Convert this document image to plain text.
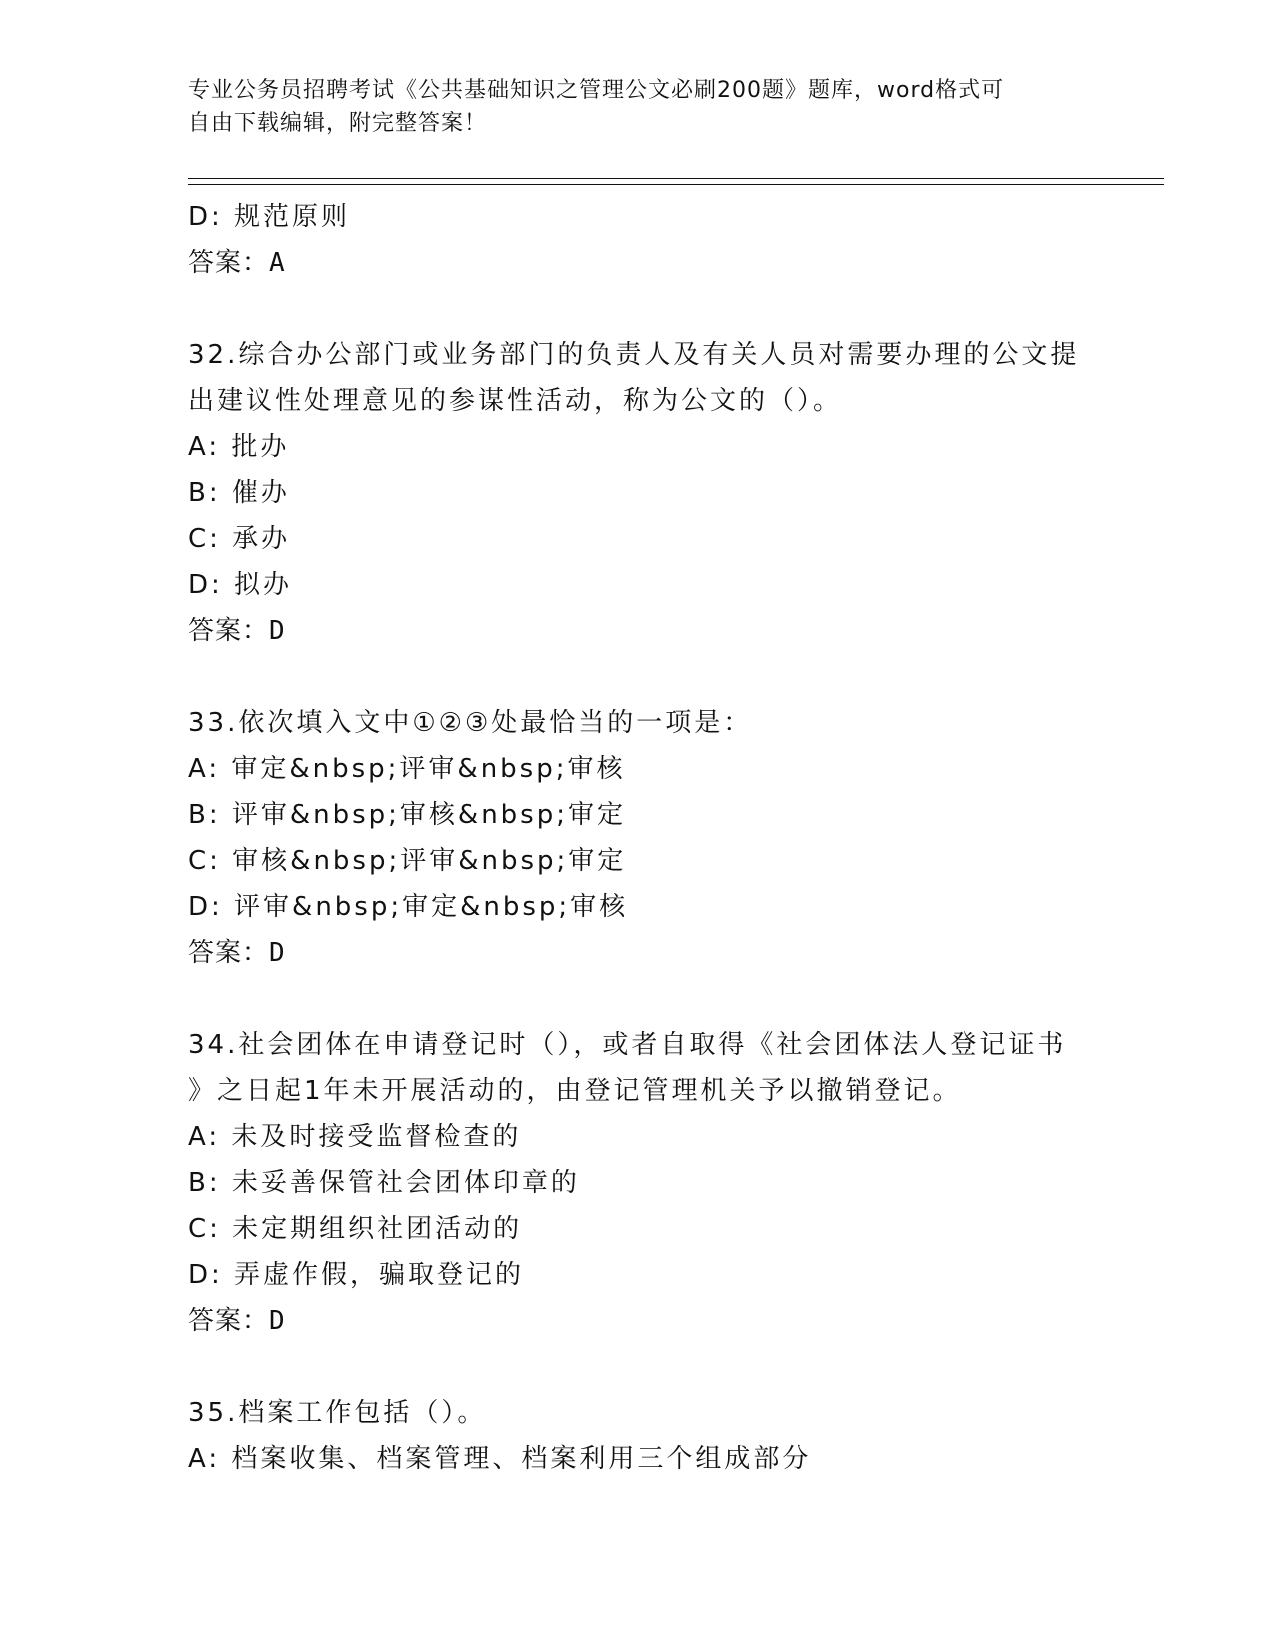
专业公务员招聘考试《公共基础知识之管理公文必刷200题》题库，word格式可
自由下载编辑，附完整答案！
D: 规范原则
答案：A
32.综合办公部门或业务部门的负责人及有关人员对需要办理的公文提
出建议性处理意见的参谋性活动，称为公文的（）。
A: 批办
B: 催办
C: 承办
D: 拟办
答案：D
33.依次填入文中①②③处最恰当的一项是：
A: 审定&nbsp;评审&nbsp;审核
B: 评审&nbsp;审核&nbsp;审定
C: 审核&nbsp;评审&nbsp;审定
D: 评审&nbsp;审定&nbsp;审核
答案：D
34.社会团体在申请登记时（），或者自取得《社会团体法人登记证书
》之日起1年未开展活动的，由登记管理机关予以撤销登记。
A: 未及时接受监督检查的
B: 未妥善保管社会团体印章的
C: 未定期组织社团活动的
D: 弄虚作假，骗取登记的
答案：D
35.档案工作包括（）。
A: 档案收集、档案管理、档案利用三个组成部分
